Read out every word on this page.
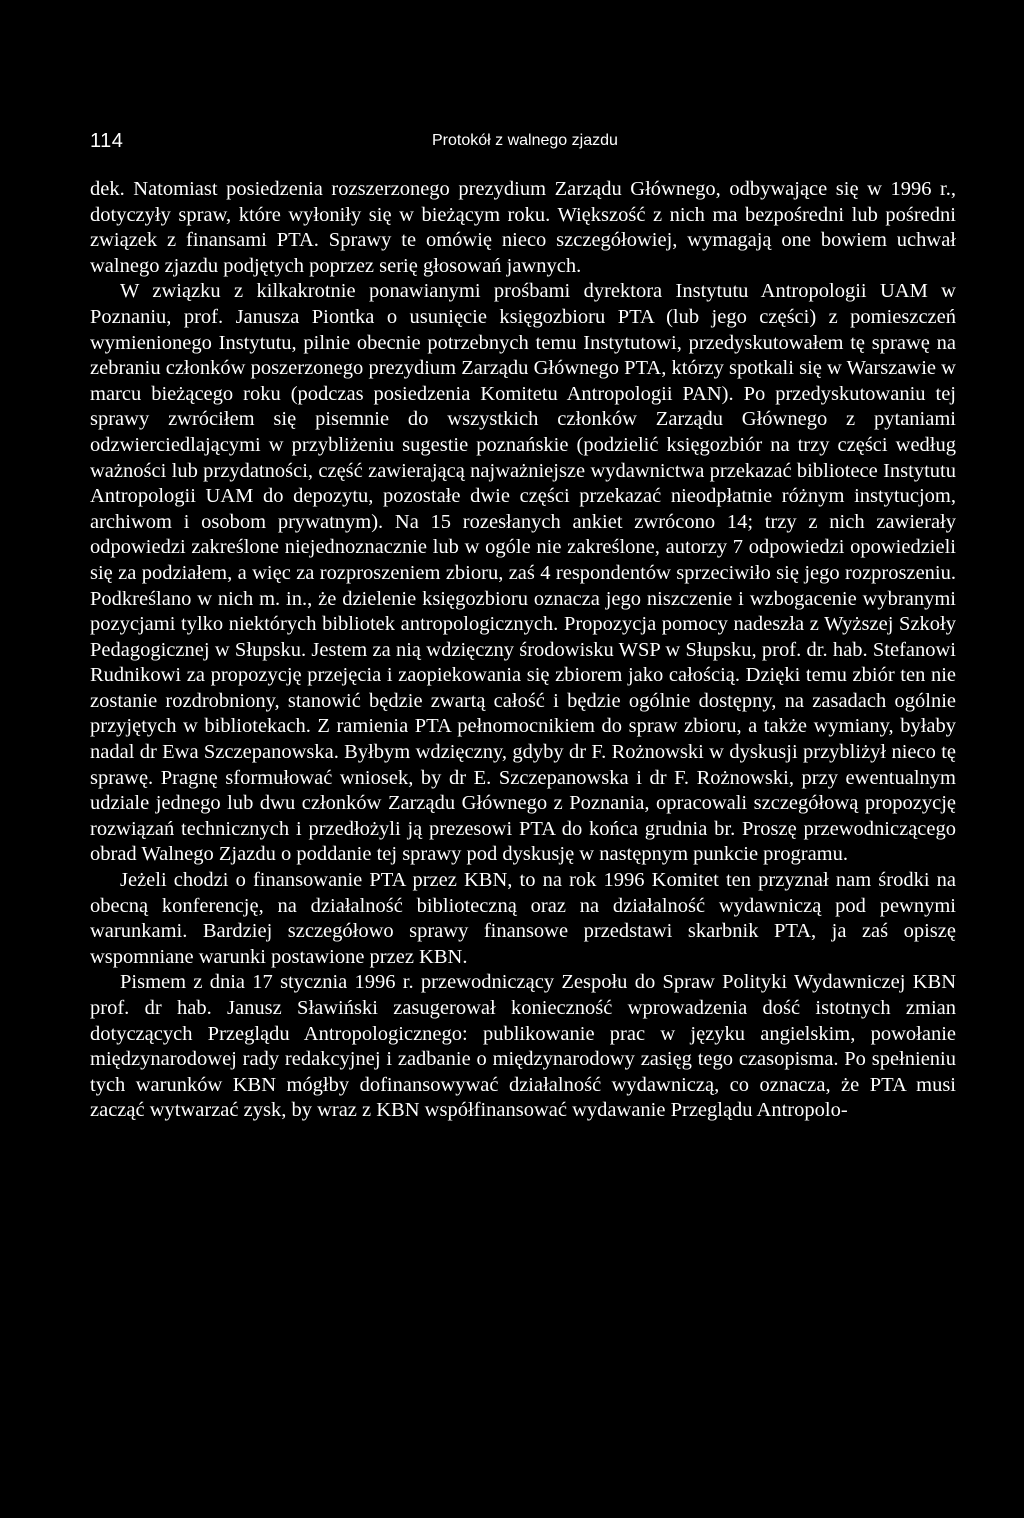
114	Protokół z walnego zjazdu

dek. Natomiast posiedzenia rozszerzonego prezydium Zarządu Głównego, odbywające się w 1996 r., dotyczyły spraw, które wyłoniły się w bieżącym roku. Większość z nich ma bezpośredni lub pośredni związek z finansami PTA. Sprawy te omówię nieco szczegółowiej, wymagają one bowiem uchwał walnego zjazdu podjętych poprzez serię głosowań jawnych.

W związku z kilkakrotnie ponawianymi prośbami dyrektora Instytutu Antropologii UAM w Poznaniu, prof. Janusza Piontka o usunięcie księgozbioru PTA (lub jego części) z pomieszczeń wymienionego Instytutu, pilnie obecnie potrzebnych temu Instytutowi, przedyskutowałem tę sprawę na zebraniu członków poszerzonego prezydium Zarządu Głównego PTA, którzy spotkali się w Warszawie w marcu bieżącego roku (podczas posiedzenia Komitetu Antropologii PAN). Po przedyskutowaniu tej sprawy zwróciłem się pisemnie do wszystkich członków Zarządu Głównego z pytaniami odzwierciedlającymi w przybliżeniu sugestie poznańskie (podzielić księgozbiór na trzy części według ważności lub przydatności, część zawierającą najważniejsze wydawnictwa przekazać bibliotece Instytutu Antropologii UAM do depozytu, pozostałe dwie części przekazać nieodpłatnie różnym instytucjom, archiwom i osobom prywatnym). Na 15 rozesłanych ankiet zwrócono 14; trzy z nich zawierały odpowiedzi zakreślone niejednoznacznie lub w ogóle nie zakreślone, autorzy 7 odpowiedzi opowiedzieli się za podziałem, a więc za rozproszeniem zbioru, zaś 4 respondentów sprzeciwiło się jego rozproszeniu. Podkreślano w nich m. in., że dzielenie księgozbioru oznacza jego niszczenie i wzbogacenie wybranymi pozycjami tylko niektórych bibliotek antropologicznych. Propozycja pomocy nadeszła z Wyższej Szkoły Pedagogicznej w Słupsku. Jestem za nią wdzięczny środowisku WSP w Słupsku, prof. dr. hab. Stefanowi Rudnikowi za propozycję przejęcia i zaopiekowania się zbiorem jako całością. Dzięki temu zbiór ten nie zostanie rozdrobniony, stanowić będzie zwartą całość i będzie ogólnie dostępny, na zasadach ogólnie przyjętych w bibliotekach. Z ramienia PTA pełnomocnikiem do spraw zbioru, a także wymiany, byłaby nadal dr Ewa Szczepanowska. Byłbym wdzięczny, gdyby dr F. Rożnowski w dyskusji przybliżył nieco tę sprawę. Pragnę sformułować wniosek, by dr E. Szczepanowska i dr F. Rożnowski, przy ewentualnym udziale jednego lub dwu członków Zarządu Głównego z Poznania, opracowali szczegółową propozycję rozwiązań technicznych i przedłożyli ją prezesowi PTA do końca grudnia br. Proszę przewodniczącego obrad Walnego Zjazdu o poddanie tej sprawy pod dyskusję w następnym punkcie programu.

Jeżeli chodzi o finansowanie PTA przez KBN, to na rok 1996 Komitet ten przyznał nam środki na obecną konferencję, na działalność biblioteczną oraz na działalność wydawniczą pod pewnymi warunkami. Bardziej szczegółowo sprawy finansowe przedstawi skarbnik PTA, ja zaś opiszę wspomniane warunki postawione przez KBN.

Pismem z dnia 17 stycznia 1996 r. przewodniczący Zespołu do Spraw Polityki Wydawniczej KBN prof. dr hab. Janusz Sławiński zasugerował konieczność wprowadzenia dość istotnych zmian dotyczących Przeglądu Antropologicznego: publikowanie prac w języku angielskim, powołanie międzynarodowej rady redakcyjnej i zadbanie o międzynarodowy zasięg tego czasopisma. Po spełnieniu tych warunków KBN mógłby dofinansowywać działalność wydawniczą, co oznacza, że PTA musi zacząć wytwarzać zysk, by wraz z KBN współfinansować wydawanie Przeglądu Antropolo-
